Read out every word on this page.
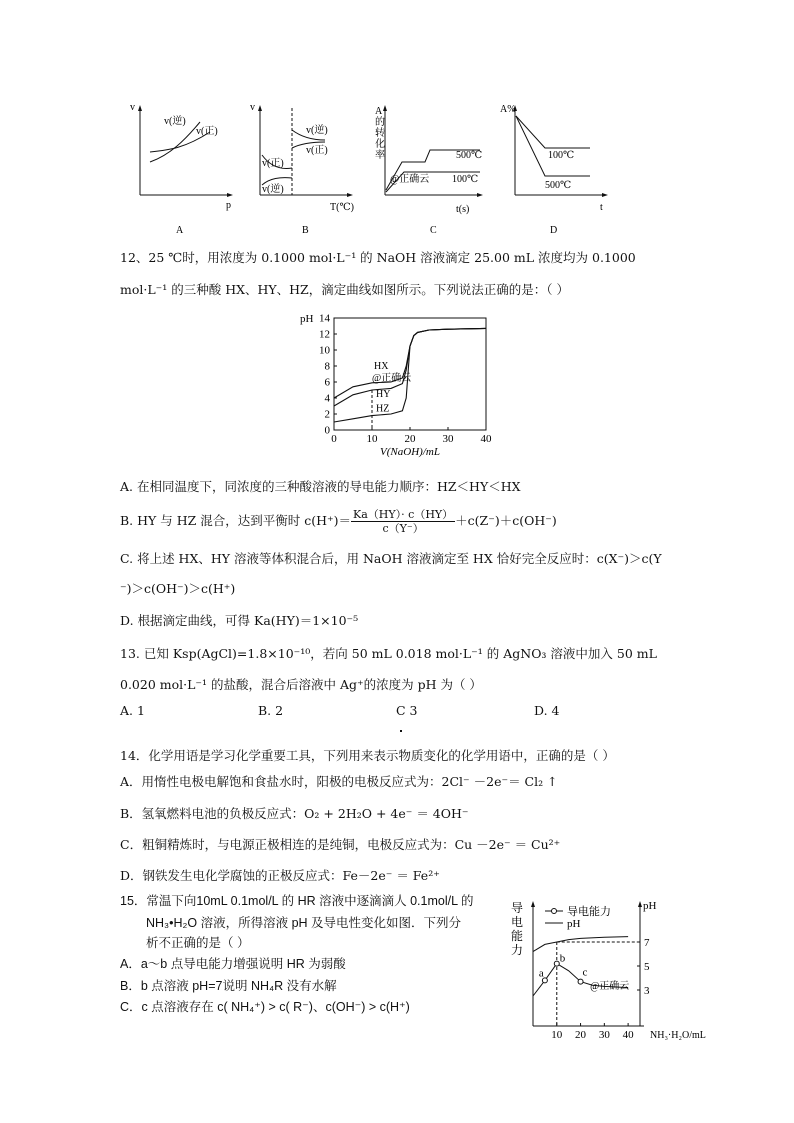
v
p
v(逆)
v(正)
A
v
T(℃)
v(正)
v(逆)
v(逆)
v(正)
B
A
的
转
化
率
t(s)
500℃
100℃
@正确云
C
A%
t
100℃
500℃
D
12、25 ℃时，用浓度为 0.1000 mol·L⁻¹ 的 NaOH 溶液滴定 25.00 mL 浓度均为 0.1000
mol·L⁻¹ 的三种酸 HX、HY、HZ，滴定曲线如图所示。下列说法正确的是：（ ）
0
2
4
6
8
10
12
14
0	10 20 30 40
pH
V(NaOH)/mL
HX
@正确云
HY
HZ
A. 在相同温度下，同浓度的三种酸溶液的导电能力顺序：HZ＜HY＜HX
B. HY 与 HZ 混合，达到平衡时 $c(H^+)= \frac{Ka(HY)\cdot c(HY)}{c(Y^-)} +c(Z^-)+c(OH^-)$
C. 将上述 HX、HY 溶液等体积混合后，用 NaOH 溶液滴定至 HX 恰好完全反应时：c(X⁻)＞c(Y
⁻)＞c(OH⁻)＞c(H⁺)
D. 根据滴定曲线，可得 Ka(HY)＝1×10⁻⁵
13. 已知 Ksp(AgCl)=1.8×10⁻¹⁰，若向 50 mL 0.018 mol·L⁻¹ 的 AgNO₃ 溶液中加入 50 mL
0.020 mol·L⁻¹ 的盐酸，混合后溶液中 Ag⁺的浓度为 pH 为（ ）
A. 1	B. 2	C 3	D. 4
14．化学用语是学习化学重要工具，下列用来表示物质变化的化学用语中，正确的是（ ）
A．用惰性电极电解饱和食盐水时，阳极的电极反应式为：2Cl⁻ －2e⁻＝ Cl₂ ↑
B．氢氧燃料电池的负极反应式：O₂ + 2H₂O + 4e⁻ ＝ 4OH⁻
C．粗铜精炼时，与电源正极相连的是纯铜，电极反应式为：Cu －2e⁻ ＝ Cu²⁺
D．钢铁发生电化学腐蚀的正极反应式：Fe－2e⁻ ＝ Fe²⁺
15．常温下向10mL 0.1mol/L 的 HR 溶液中逐滴滴人 0.1mol/L 的
NH₃•H₂O 溶液，所得溶液 pH 及导电性变化如图．下列分
析不正确的是（ ）
A．a～b 点导电能力增强说明 HR 为弱酸
B．b 点溶液 pH=7说明 NH₄R 没有水解
C．c 点溶液存在 c( NH₄⁺) > c( R⁻)、c(OH⁻) > c(H⁺)
导
电
能
力
pH
7
5
3
10 20 30 40 NH₃·H₂O/mL
导电能力
pH
a
b
c
@正确云
